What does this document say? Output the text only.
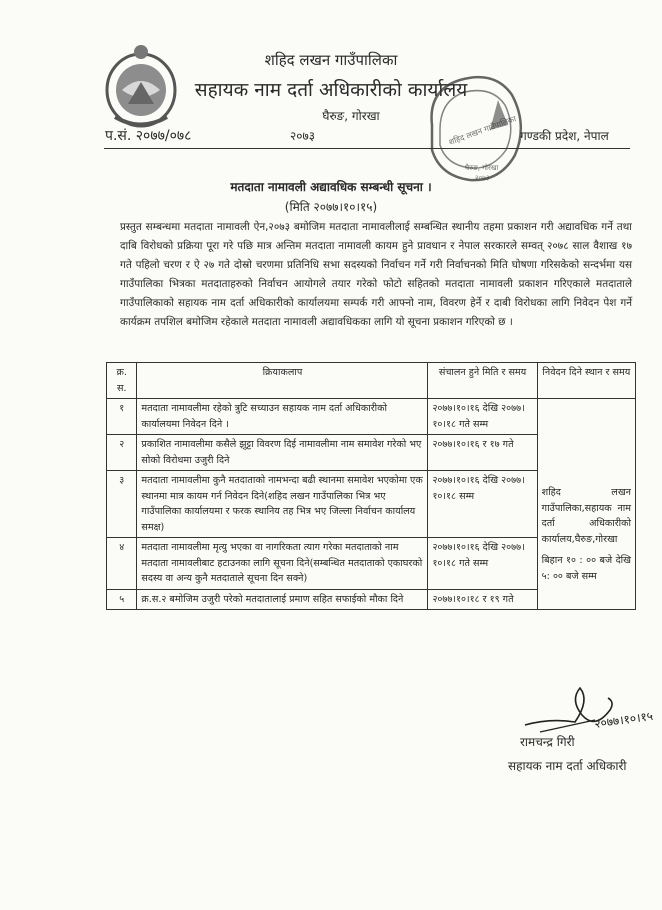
शहिद लखन गाउँपालिका
सहायक नाम दर्ता अधिकारीको कार्यालय
घैरुङ, गोरखा
प.सं. २०७७/०७८	२०७३	गण्डकी प्रदेश, नेपाल
शहिद लखन गाउँपालिका
घैरुङ, गोरखा
२०७३
मतदाता नामावली अद्यावधिक सम्बन्धी सूचना ।
(मिति २०७७।१०।१५)
प्रस्तुत सम्बन्धमा मतदाता नामावली ऐन,२०७३ बमोजिम मतदाता नामावलीलाई सम्बन्धित स्थानीय तहमा प्रकाशन गरी अद्यावधिक गर्ने तथा दाबि विरोधको प्रक्रिया पूरा गरे पछि मात्र अन्तिम मतदाता नामावली कायम हुने प्रावधान र नेपाल सरकारले सम्वत् २०७८ साल वैशाख १७ गते पहिलो चरण र ऐ २७ गते दोस्रो चरणमा प्रतिनिधि सभा सदस्यको निर्वाचन गर्ने गरी निर्वाचनको मिति घोषणा गरिसकेको सन्दर्भमा यस गाउँपालिका भित्रका मतदाताहरुको निर्वाचन आयोगले तयार गरेको फोटो सहितको मतदाता नामावली प्रकाशन गरिएकाले मतदाताले गाउँपालिकाको सहायक नाम दर्ता अधिकारीको कार्यालयमा सम्पर्क गरी आफ्नो नाम, विवरण हेर्ने र दाबी विरोधका लागि निवेदन पेश गर्ने कार्यक्रम तपशिल बमोजिम रहेकाले मतदाता नामावली अद्यावधिकका लागि यो सूचना प्रकाशन गरिएको छ ।
क्र. स.	क्रियाकलाप	संचालन हुने मिति र समय	निवेदन दिने स्थान र समय
१	मतदाता नामावलीमा रहेको त्रुटि सच्याउन सहायक नाम दर्ता अधिकारीको कार्यालयमा निवेदन दिने ।	२०७७।१०।१६ देखि २०७७।१०।१८ गते सम्म	शहिद लखन गाउँपालिका,सहायक नाम दर्ता अधिकारीको कार्यालय,घैरुङ,गोरखा
बिहान १० : ०० बजे देखि ५: ०० बजे सम्म

२	प्रकाशित नामावलीमा कसैले झुट्टा विवरण दिई नामावलीमा नाम समावेश गरेको भए सोको विरोधमा उजुरी दिने	२०७७।१०।१६ र १७ गते	
३	मतदाता नामावलीमा कुनै मतदाताको नामभन्दा बढी स्थानमा समावेश भएकोमा एक स्थानमा मात्र कायम गर्न निवेदन दिने(शहिद लखन गाउँपालिका भित्र भए गाउँपालिका कार्यालयमा र फरक स्थानिय तह भित्र भए जिल्ला निर्वाचन कार्यालय समक्ष)	२०७७।१०।१६ देखि २०७७।१०।१८ सम्म	
४	मतदाता नामावलीमा मृत्यु भएका वा नागरिकता त्याग गरेका मतदाताको नाम मतदाता नामावलीबाट हटाउनका लागि सूचना दिने(सम्बन्धित मतदाताको एकाघरको सदस्य वा अन्य कुनै मतदाताले सूचना दिन सक्ने)	२०७७।१०।१६ देखि २०७७।१०।१८ गते सम्म	
५	क्र.स.२ बमोजिम उजुरी परेको मतदातालाई प्रमाण सहित सफाईको मौका दिने	२०७७।१०।१८ र १९ गते	
२०७७।१०।१५
रामचन्द्र गिरी
सहायक नाम दर्ता अधिकारी
